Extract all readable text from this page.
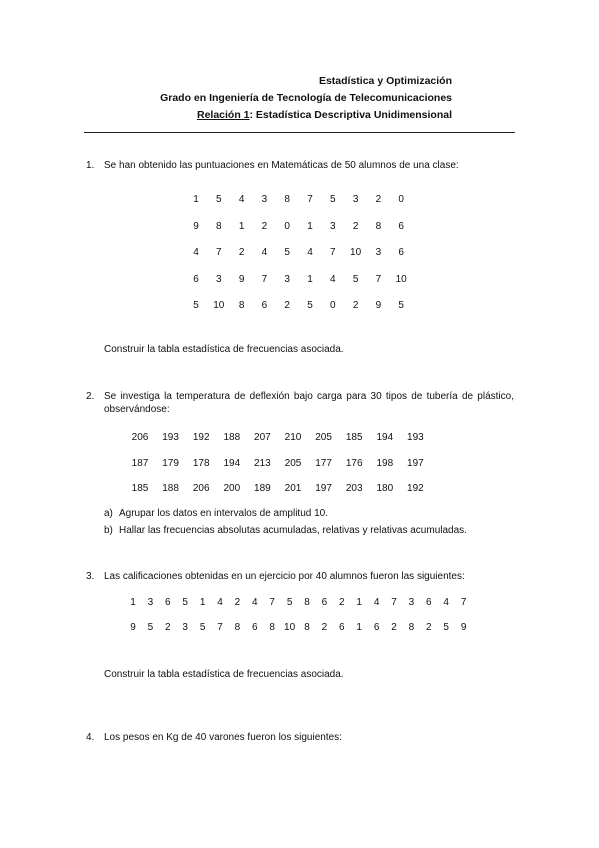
Estadística y Optimización
Grado en Ingeniería de Tecnología de Telecomunicaciones
Relación 1: Estadística Descriptiva Unidimensional
1. Se han obtenido las puntuaciones en Matemáticas de 50 alumnos de una clase:
1	5	4	3	8	7	5	3	2	0
9	8	1	2	0	1	3	2	8	6
4	7	2	4	5	4	7	10	3	6
6	3	9	7	3	1	4	5	7	10
5	10	8	6	2	5	0	2	9	5
Construir la tabla estadística de frecuencias asociada.
2. Se investiga la temperatura de deflexión bajo carga para 30 tipos de tubería de plástico, observándose:
206	193	192	188	207	210	205	185	194	193
187	179	178	194	213	205	177	176	198	197
185	188	206	200	189	201	197	203	180	192
a) Agrupar los datos en intervalos de amplitud 10.
b) Hallar las frecuencias absolutas acumuladas, relativas y relativas acumuladas.
3. Las calificaciones obtenidas en un ejercicio por 40 alumnos fueron las siguientes:
1	3	6	5	1	4	2	4	7	5	8	6	2	1	4	7	3	6	4	7
9	5	2	3	5	7	8	6	8 10 8	2	6	1	6	2	8	2	5	9
Construir la tabla estadística de frecuencias asociada.
4. Los pesos en Kg de 40 varones fueron los siguientes:
